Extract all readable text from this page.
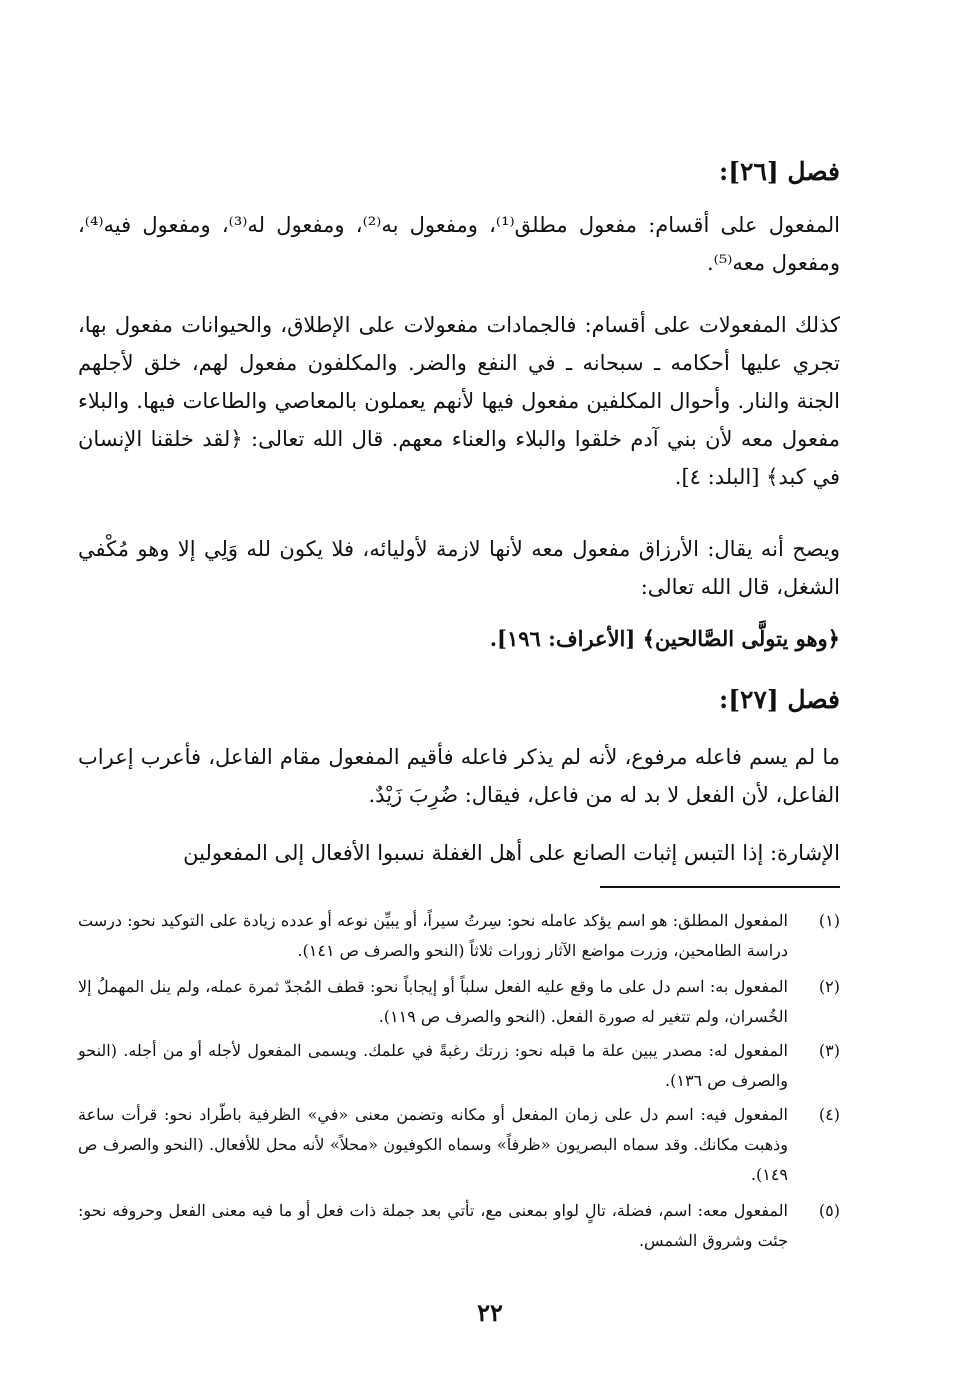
فصل [٢٦]:
المفعول على أقسام: مفعول مطلق⁽¹⁾، ومفعول به⁽²⁾، ومفعول له⁽³⁾، ومفعول فيه⁽⁴⁾، ومفعول معه⁽⁵⁾.
كذلك المفعولات على أقسام: فالجمادات مفعولات على الإطلاق، والحيوانات مفعول بها، تجري عليها أحكامه ـ سبحانه ـ في النفع والضر. والمكلفون مفعول لهم، خلق لأجلهم الجنة والنار. وأحوال المكلفين مفعول فيها لأنهم يعملون بالمعاصي والطاعات فيها. والبلاء مفعول معه لأن بني آدم خلقوا والبلاء والعناء معهم. قال الله تعالى: ﴿لقد خلقنا الإنسان في كبد﴾ [البلد: ٤].
ويصح أنه يقال: الأرزاق مفعول معه لأنها لازمة لأوليائه، فلا يكون لله وَلِي إلا وهو مُكْفي الشغل، قال الله تعالى:
﴿وهو يتولَّى الصَّالحين﴾ [الأعراف: ١٩٦].
فصل [٢٧]:
ما لم يسم فاعله مرفوع، لأنه لم يذكر فاعله فأقيم المفعول مقام الفاعل، فأعرب إعراب الفاعل، لأن الفعل لا بد له من فاعل، فيقال: ضُرِبَ زَيْدٌ.
الإشارة: إذا التبس إثبات الصانع على أهل الغفلة نسبوا الأفعال إلى المفعولين
(١)
المفعول المطلق: هو اسم يؤكد عامله نحو: سِرتُ سيراً، أو يبيِّن نوعه أو عدده زيادة على التوكيد نحو: درست دراسة الطامحين، وزرت مواضع الآثار زورات ثلاثاً (النحو والصرف ص ١٤١).
(٢)
المفعول به: اسم دل على ما وقع عليه الفعل سلباً أو إيجاباً نحو: قطف المُجدّ ثمرة عمله، ولم ينل المهملُ إلا الخُسران، ولم تتغير له صورة الفعل. (النحو والصرف ص ١١٩).
(٣)
المفعول له: مصدر يبين علة ما قبله نحو: زرتك رغبةً في علمك. ويسمى المفعول لأجله أو من أجله. (النحو والصرف ص ١٣٦).
(٤)
المفعول فيه: اسم دل على زمان المفعل أو مكانه وتضمن معنى «في» الظرفية باطّراد نحو: قرأت ساعة وذهبت مكانك. وقد سماه البصريون «ظرفاً» وسماه الكوفيون «محلاً» لأنه محل للأفعال. (النحو والصرف ص ١٤٩).
(٥)
المفعول معه: اسم، فضلة، تالٍ لواو بمعنى مع، تأتي بعد جملة ذات فعل أو ما فيه معنى الفعل وحروفه نحو: جئت وشروق الشمس.
٢٢
